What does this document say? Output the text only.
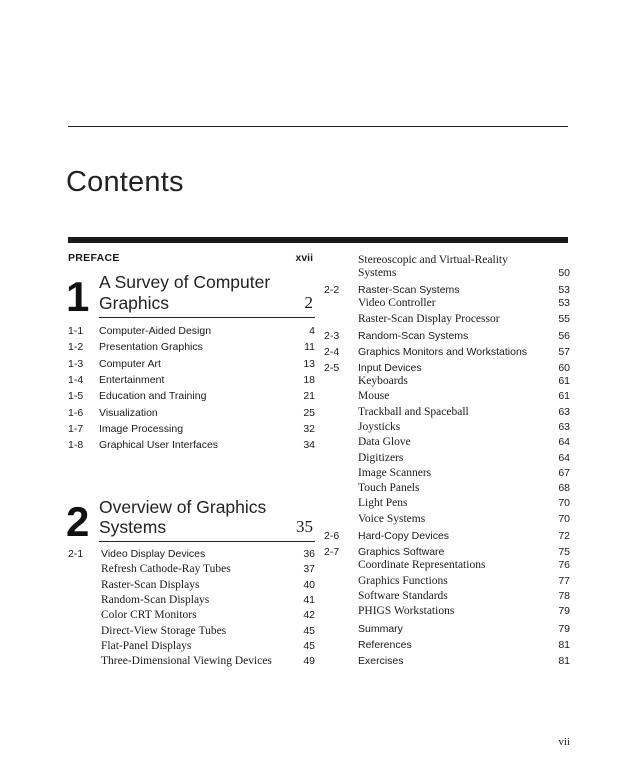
Contents
PREFACE	xvii
1 A Survey of Computer
Graphics	2
1-1 Computer-Aided Design	4
1-2 Presentation Graphics	11
1-3 Computer Art	13
1-4 Entertainment	18
1-5 Education and Training	21
1-6 Visualization	25
1-7 Image Processing	32
1-8 Graphical User Interfaces	34
2 Overview of Graphics
Systems	35
2-1 Video Display Devices	36
Refresh Cathode-Ray Tubes	37
Raster-Scan Displays	40
Random-Scan Displays	41
Color CRT Monitors	42
Direct-View Storage Tubes	45
Flat-Panel Displays	45
Three-Dimensional Viewing Devices	49
Stereoscopic and Virtual-Reality
Systems	50
2-2 Raster-Scan Systems	53
Video Controller	53
Raster-Scan Display Processor	55
2-3 Random-Scan Systems	56
2-4 Graphics Monitors and Workstations	57
2-5 Input Devices	60
Keyboards	61
Mouse	61
Trackball and Spaceball	63
Joysticks	63
Data Glove	64
Digitizers	64
Image Scanners	67
Touch Panels	68
Light Pens	70
Voice Systems	70
2-6 Hard-Copy Devices	72
2-7 Graphics Software	75
Coordinate Representations	76
Graphics Functions	77
Software Standards	78
PHIGS Workstations	79
Summary	79
References	81
Exercises	81
vii
